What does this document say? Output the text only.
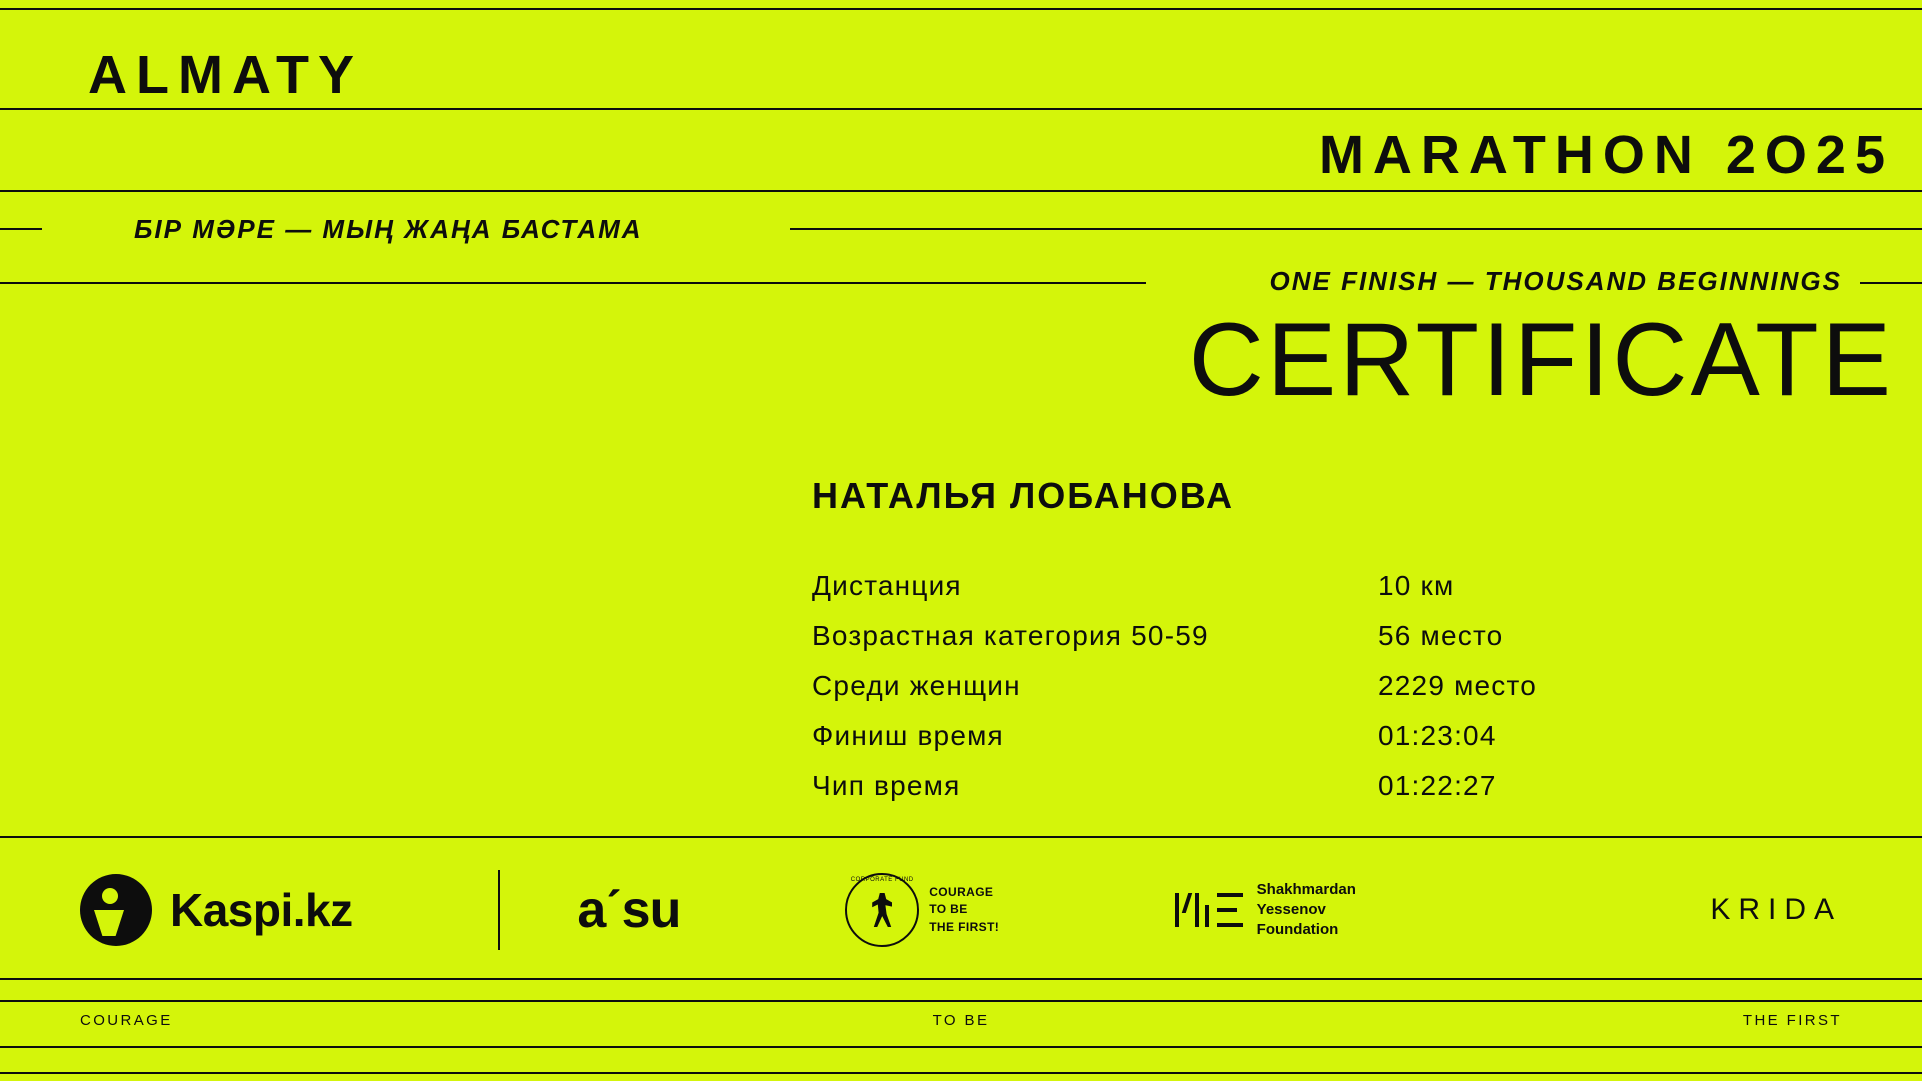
БІР МӘРЕ — МЫҢ ЖАҢА БАСТАМА
ONE FINISH — THOUSAND BEGINNINGS
ALMATY
MARATHON 2O25
CERTIFICATE
НАТАЛЬЯ ЛОБАНОВА
Дистанция	10 км
Возрастная категория 50-59	56 место
Среди женщин	2229 место
Финиш время	01:23:04
Чип время	01:22:27
Kaspi.kz	aˊsu
CORPORATE FUND
COURAGE
TO BE
THE FIRST!
Shakhmardan
Yessenov
Foundation
KRIDA
COURAGE	TO BE	THE FIRST
